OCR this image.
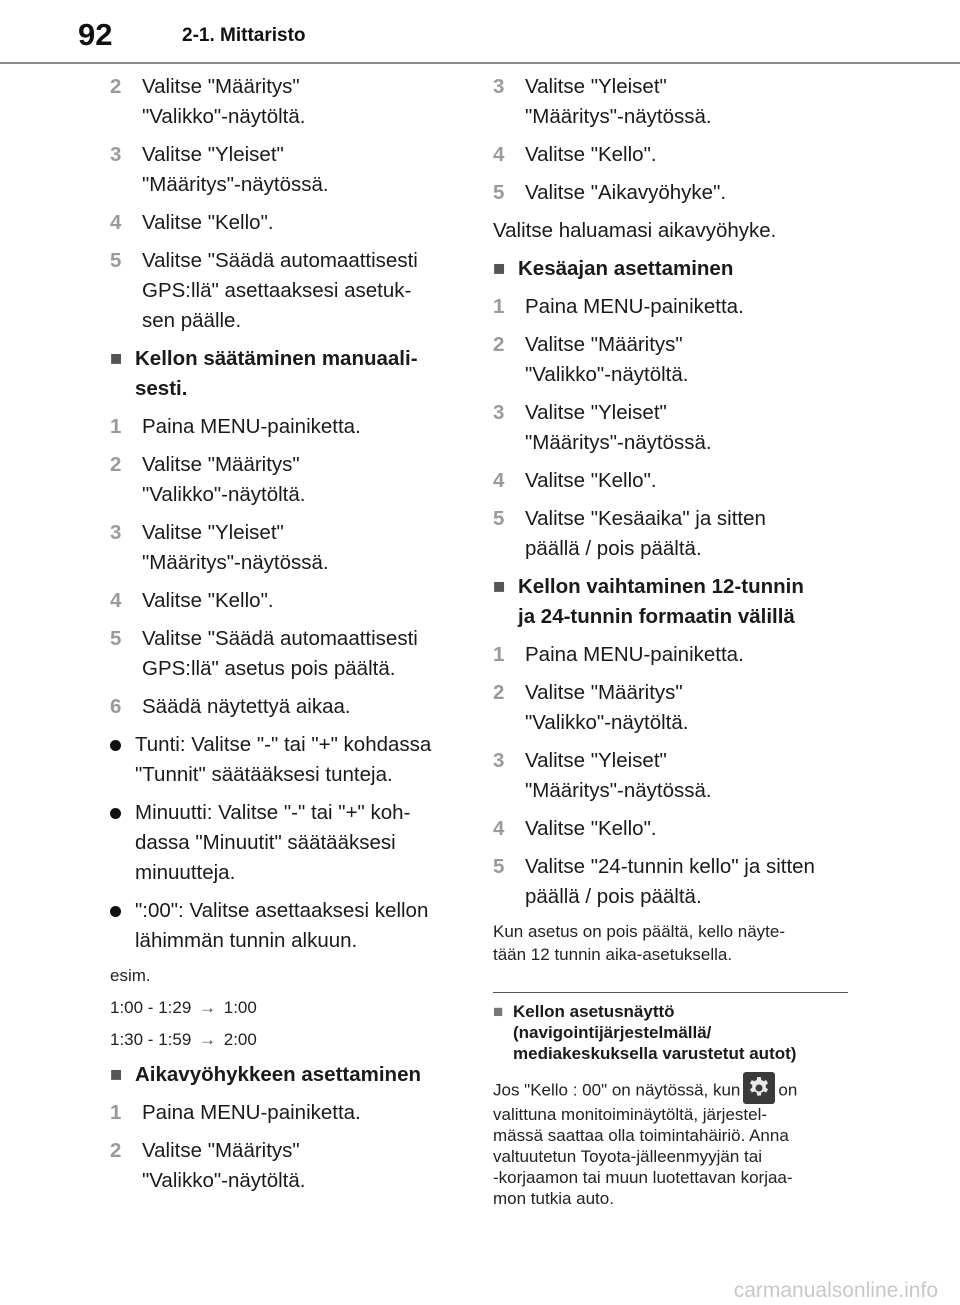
92	2-1. Mittaristo
2 Valitse "Määritys"
"Valikko"-näytöltä.
3 Valitse "Yleiset"
"Määritys"-näytössä.
4 Valitse "Kello".
5 Valitse "Säädä automaattisesti
GPS:llä" asettaaksesi asetuk-
sen päälle.
■ Kellon säätäminen manuaali-
sesti.
1 Paina MENU-painiketta.
2 Valitse "Määritys"
"Valikko"-näytöltä.
3 Valitse "Yleiset"
"Määritys"-näytössä.
4 Valitse "Kello".
5 Valitse "Säädä automaattisesti
GPS:llä" asetus pois päältä.
6 Säädä näytettyä aikaa.
Tunti: Valitse "-" tai "+" kohdassa
"Tunnit" säätääksesi tunteja.
Minuutti: Valitse "-" tai "+" koh-
dassa "Minuutit" säätääksesi
minuutteja.
":00": Valitse asettaaksesi kellon
lähimmän tunnin alkuun.
esim.
1:00 - 1:29 → 1:00
1:30 - 1:59 → 2:00
■ Aikavyöhykkeen asettaminen
1 Paina MENU-painiketta.
2 Valitse "Määritys"
"Valikko"-näytöltä.
3 Valitse "Yleiset"
"Määritys"-näytössä.
4 Valitse "Kello".
5 Valitse "Aikavyöhyke".
Valitse haluamasi aikavyöhyke.
■ Kesäajan asettaminen
1 Paina MENU-painiketta.
2 Valitse "Määritys"
"Valikko"-näytöltä.
3 Valitse "Yleiset"
"Määritys"-näytössä.
4 Valitse "Kello".
5 Valitse "Kesäaika" ja sitten
päällä / pois päältä.
■ Kellon vaihtaminen 12-tunnin
ja 24-tunnin formaatin välillä
1 Paina MENU-painiketta.
2 Valitse "Määritys"
"Valikko"-näytöltä.
3 Valitse "Yleiset"
"Määritys"-näytössä.
4 Valitse "Kello".
5 Valitse "24-tunnin kello" ja sitten
päällä / pois päältä.
Kun asetus on pois päältä, kello näyte-
tään 12 tunnin aika-asetuksella.
■ Kellon asetusnäyttö
(navigointijärjestelmällä/
mediakeskuksella varustetut autot)
Jos "Kello : 00" on näytössä, kun on
valittuna monitoiminäytöltä, järjestel-
mässä saattaa olla toimintahäiriö. Anna
valtuutetun Toyota-jälleenmyyjän tai
-korjaamon tai muun luotettavan korjaa-
mon tutkia auto.
carmanualsonline.info
